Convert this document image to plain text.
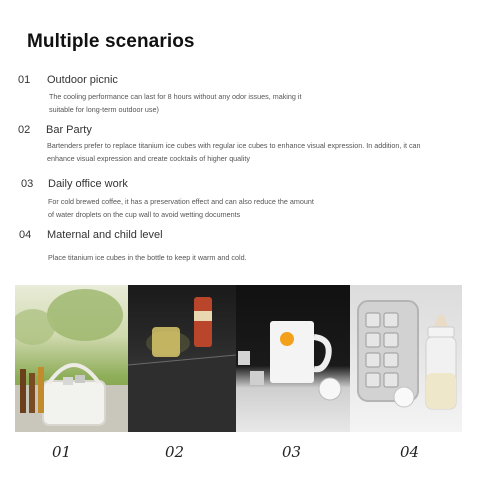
Multiple scenarios
01 Outdoor picnic
The cooling performance can last for 8 hours without any odor issues, making it
suitable for long-term outdoor use)
02 Bar Party
Bartenders prefer to replace titanium ice cubes with regular ice cubes to enhance visual expression. In addition, it can
enhance visual expression and create cocktails of higher quality
03 Daily office work
For cold brewed coffee, it has a preservation effect and can also reduce the amount
of water droplets on the cup wall to avoid wetting documents
04 Maternal and child level
Place titanium ice cubes in the bottle to keep it warm and cold.
01	02	03	04
